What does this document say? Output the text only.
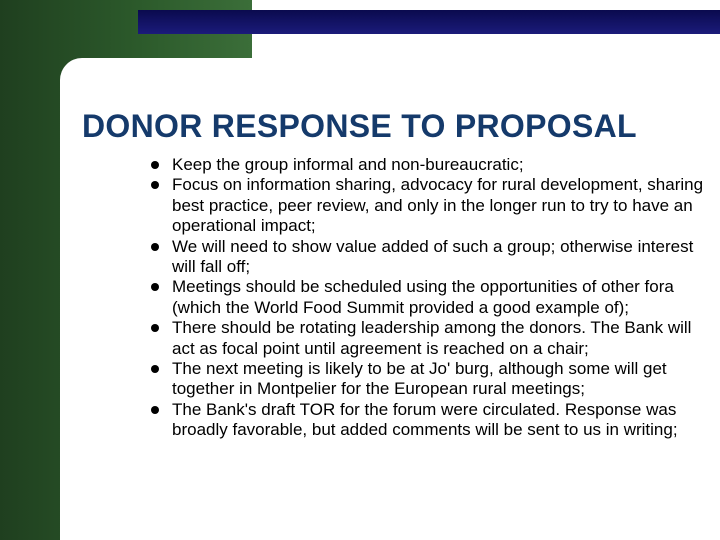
DONOR RESPONSE TO PROPOSAL
Keep the group informal and non-bureaucratic;
Focus on information sharing, advocacy for rural development, sharing best practice, peer review, and only in the longer run to try to have an operational impact;
We will need to show value added of such a group; otherwise interest will fall off;
Meetings should be scheduled using the opportunities of other fora (which the World Food Summit provided a good example of);
There should be rotating leadership among the donors. The Bank will act as focal point until agreement is reached on a chair;
The next meeting is likely to be at Jo' burg, although some will get together in Montpelier for the European rural meetings;
The Bank's draft TOR for the forum were circulated. Response was broadly favorable, but added comments will be sent to us in writing;
